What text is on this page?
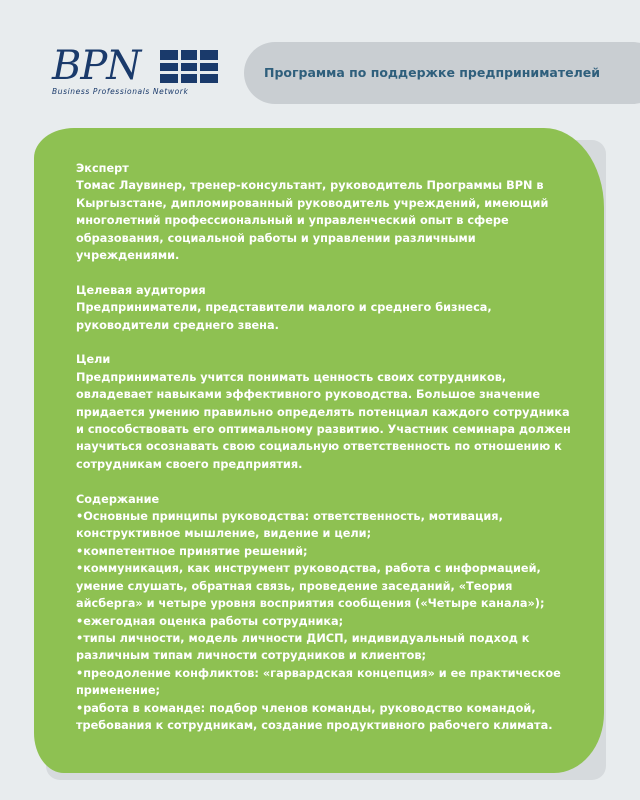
BPN
Business Professionals Network
Программа по поддержке предпринимателей

Эксперт

Томас Лаувинер, тренер-консультант, руководитель Программы BPN в Кыргызстане, дипломированный руководитель учреждений, имеющий многолетний профессиональный и управленческий опыт в сфере образования, социальной работы и управлении различными учреждениями.

Целевая аудитория

Предприниматели, представители малого и среднего бизнеса, руководители среднего звена.

Цели

Предприниматель учится понимать ценность своих сотрудников, овладевает навыками эффективного руководства. Большое значение придается умению правильно определять потенциал каждого сотрудника и способствовать его оптимальному развитию. Участник семинара должен научиться осознавать свою социальную ответственность по отношению к сотрудникам своего предприятия.

Содержание

•Основные принципы руководства: ответственность, мотивация, конструктивное мышление, видение и цели;

•компетентное принятие решений;

•коммуникация, как инструмент руководства, работа с информацией, умение слушать, обратная связь, проведение заседаний, «Теория айсберга» и четыре уровня восприятия сообщения («Четыре канала»);

•ежегодная оценка работы сотрудника;

•типы личности, модель личности ДИСП, индивидуальный подход к различным типам личности сотрудников и клиентов;

•преодоление конфликтов: «гарвардская концепция» и ее практическое применение;

•работа в команде: подбор членов команды, руководство командой, требования к сотрудникам, создание продуктивного рабочего климата.
